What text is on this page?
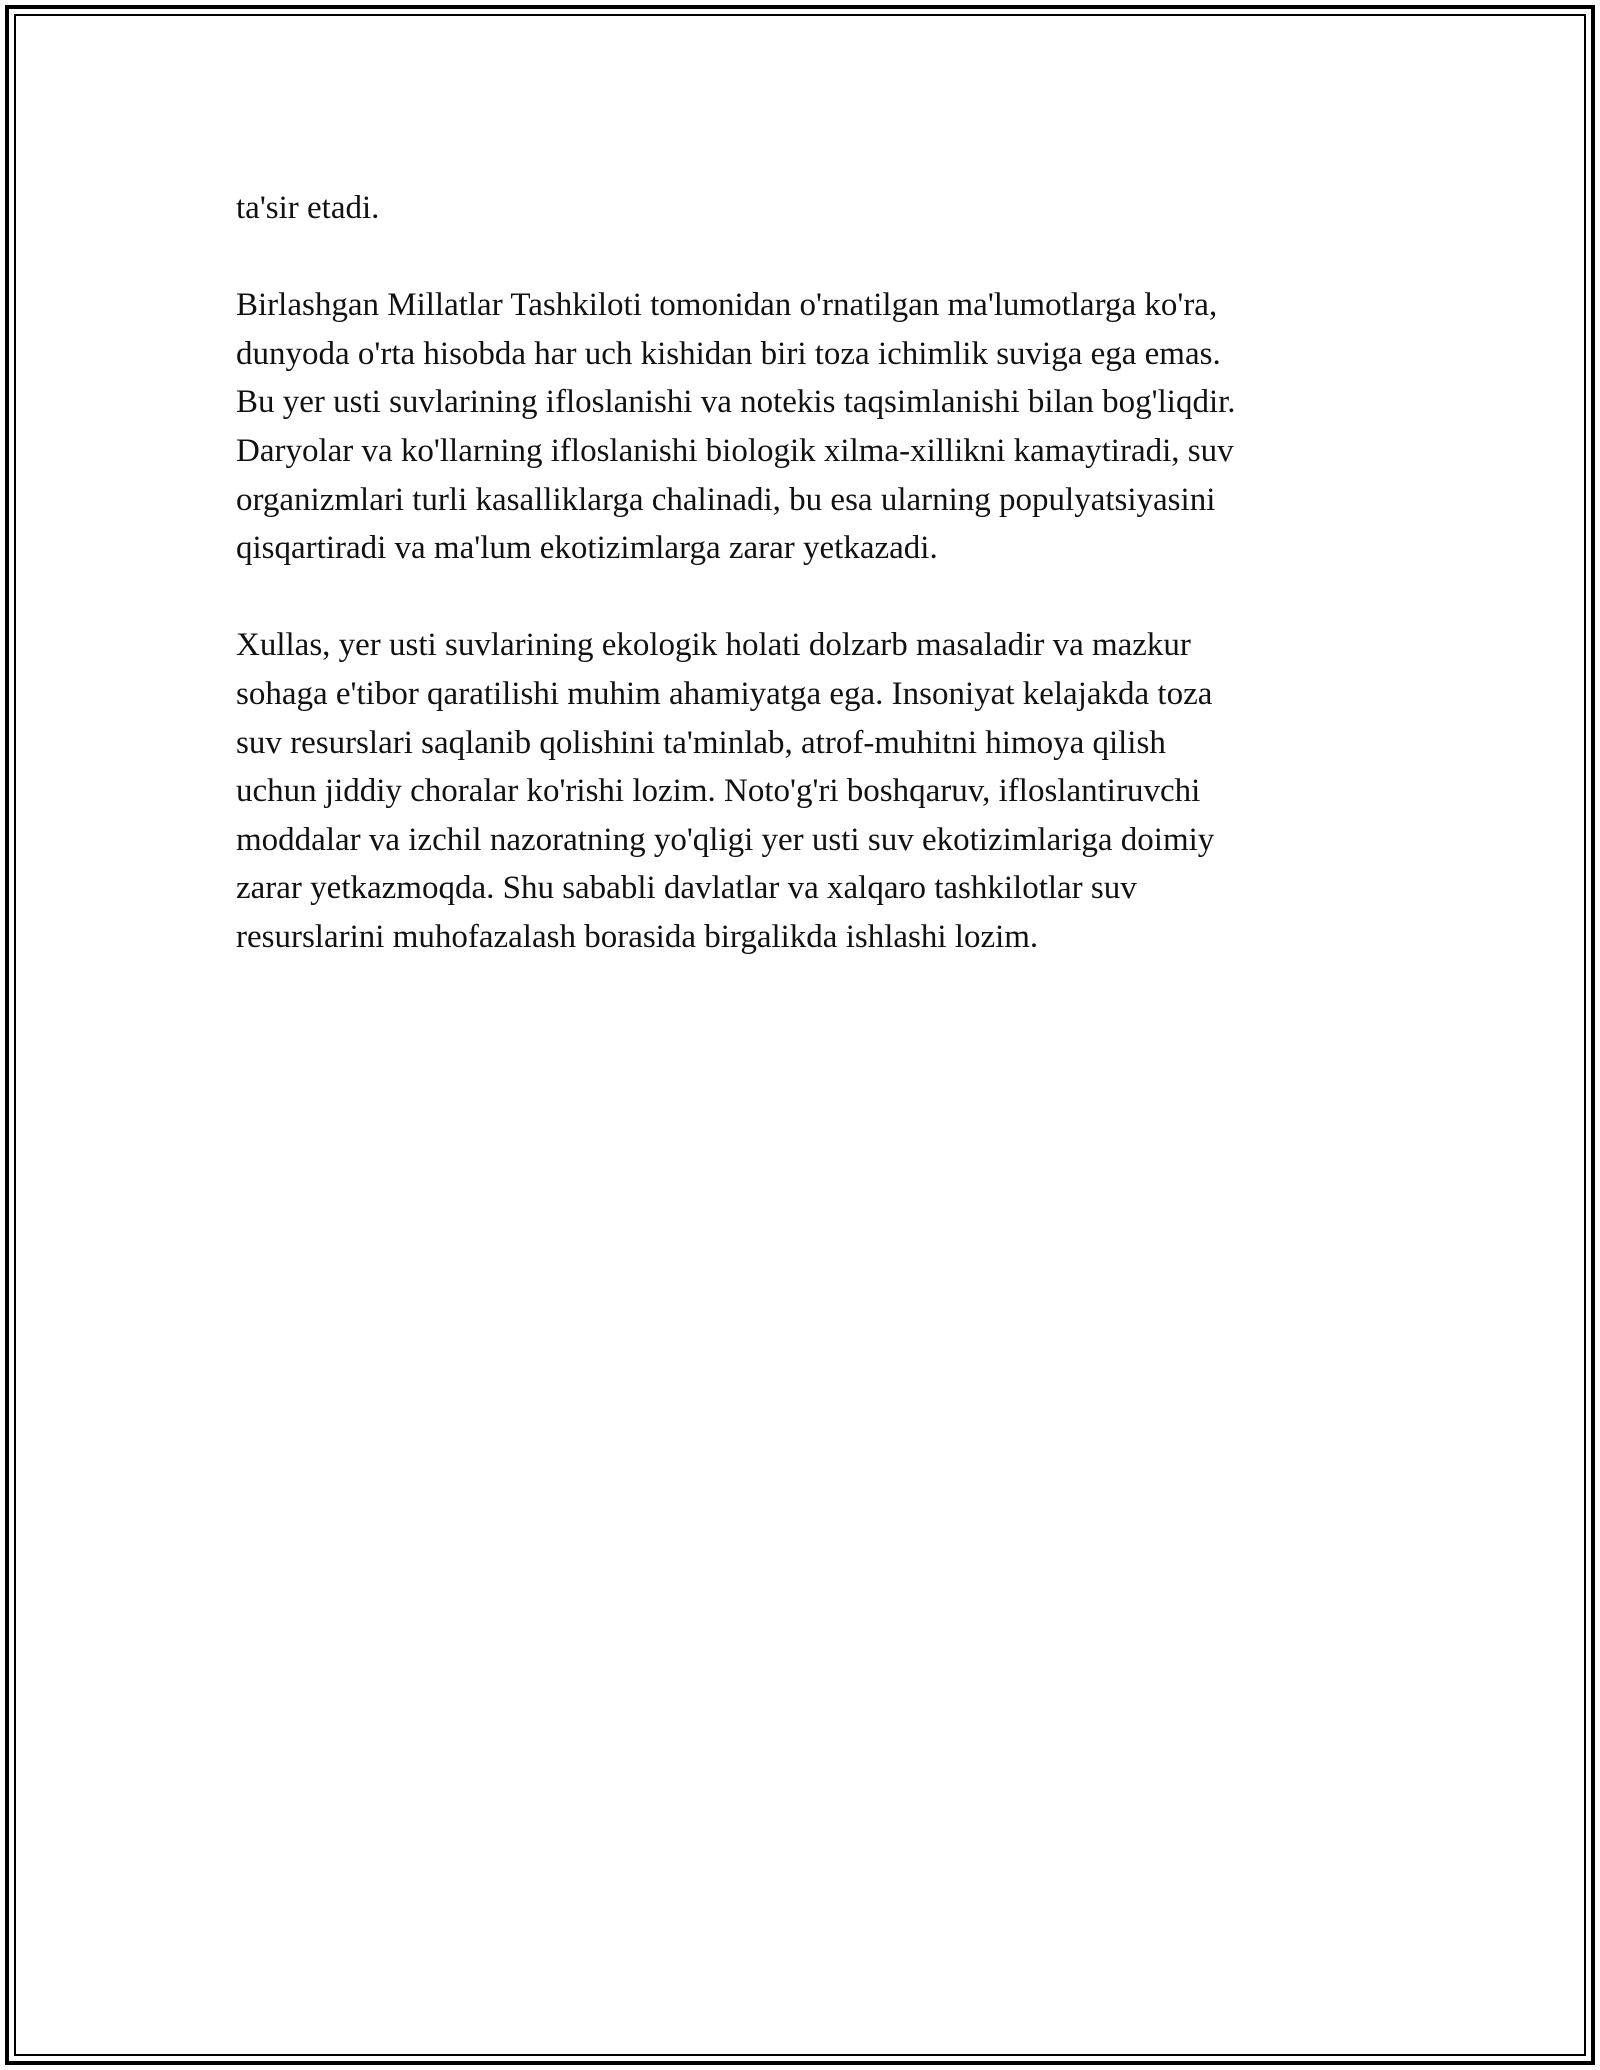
ta'sir etadi.

Birlashgan Millatlar Tashkiloti tomonidan o'rnatilgan ma'lumotlarga ko'ra,
dunyoda o'rta hisobda har uch kishidan biri toza ichimlik suviga ega emas.
Bu yer usti suvlarining ifloslanishi va notekis taqsimlanishi bilan bog'liqdir.
Daryolar va ko'llarning ifloslanishi biologik xilma-xillikni kamaytiradi, suv
organizmlari turli kasalliklarga chalinadi, bu esa ularning populyatsiyasini
qisqartiradi va ma'lum ekotizimlarga zarar yetkazadi.

Xullas, yer usti suvlarining ekologik holati dolzarb masaladir va mazkur
sohaga e'tibor qaratilishi muhim ahamiyatga ega. Insoniyat kelajakda toza
suv resurslari saqlanib qolishini ta'minlab, atrof-muhitni himoya qilish
uchun jiddiy choralar ko'rishi lozim. Noto'g'ri boshqaruv, ifloslantiruvchi
moddalar va izchil nazoratning yo'qligi yer usti suv ekotizimlariga doimiy
zarar yetkazmoqda. Shu sababli davlatlar va xalqaro tashkilotlar suv
resurslarini muhofazalash borasida birgalikda ishlashi lozim.
